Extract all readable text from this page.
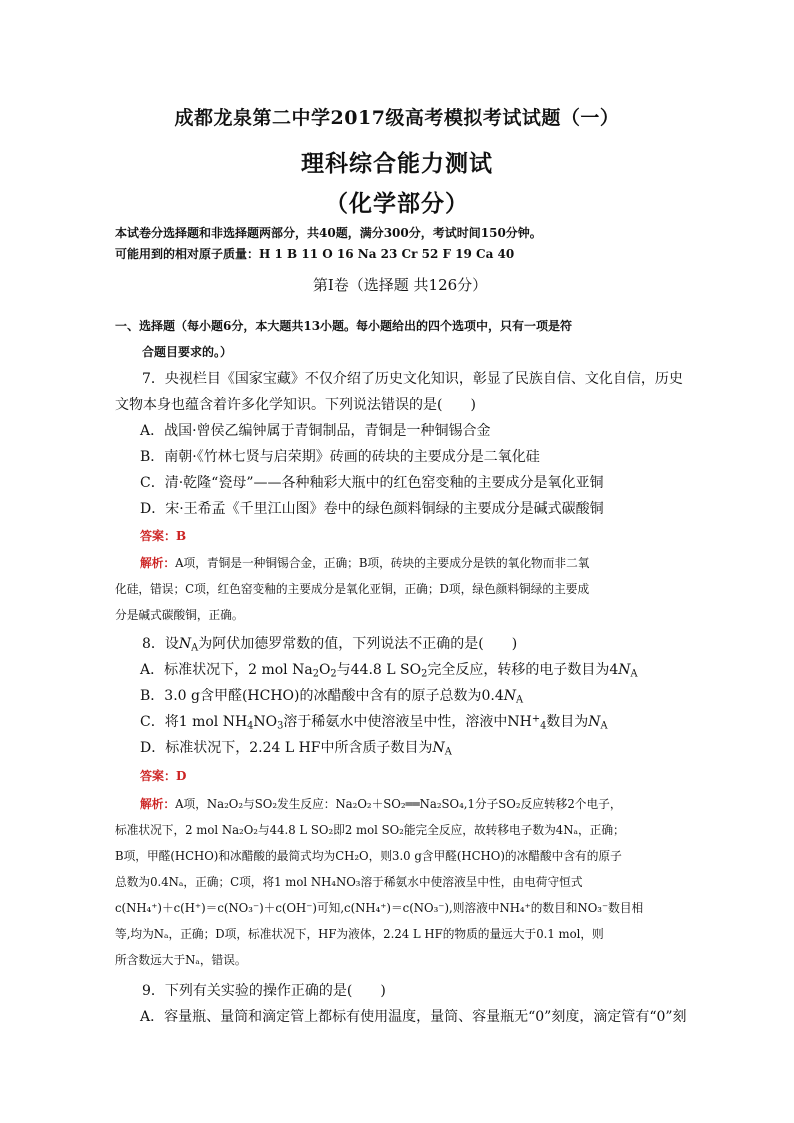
成都龙泉第二中学2017级高考模拟考试试题（一）
理科综合能力测试
（化学部分）
本试卷分选择题和非选择题两部分，共40题，满分300分，考试时间150分钟。
可能用到的相对原子质量：H 1 B 11 O 16 Na 23 Cr 52 F 19 Ca 40
第Ⅰ卷（选择题 共126分）
一、选择题（每小题6分，本大题共13小题。每小题给出的四个选项中，只有一项是符
合题目要求的。）
7．央视栏目《国家宝藏》不仅介绍了历史文化知识，彰显了民族自信、文化自信，历史
文物本身也蕴含着许多化学知识。下列说法错误的是(　　)
A．战国·曾侯乙编钟属于青铜制品，青铜是一种铜锡合金
B．南朝·《竹林七贤与启荣期》砖画的砖块的主要成分是二氧化硅
C．清·乾隆“瓷母”——各种釉彩大瓶中的红色窑变釉的主要成分是氧化亚铜
D．宋·王希孟《千里江山图》卷中的绿色颜料铜绿的主要成分是碱式碳酸铜
答案：B
解析：A项，青铜是一种铜锡合金，正确；B项，砖块的主要成分是铁的氧化物而非二氧
化硅，错误；C项，红色窑变釉的主要成分是氧化亚铜，正确；D项，绿色颜料铜绿的主要成
分是碱式碳酸铜，正确。
8．设$N_A$为阿伏加德罗常数的值，下列说法不正确的是(　　)
A．标准状况下，2 mol $Na_2O_2$与44.8 L $SO_2$完全反应，转移的电子数目为$4N_A$
B．3.0 g含甲醛(HCHO)的冰醋酸中含有的原子总数为$0.4N_A$
C．将1 mol $NH_4NO_3$溶于稀氨水中使溶液呈中性，溶液中$NH^+_4$数目为$N_A$
D．标准状况下，2.24 L HF中所含质子数目为$N_A$
答案：D
解析：A项，Na₂O₂与SO₂发生反应：Na₂O₂＋SO₂══Na₂SO₄,1分子SO₂反应转移2个电子，
标准状况下，2 mol Na₂O₂与44.8 L SO₂即2 mol SO₂能完全反应，故转移电子数为4Nₐ，正确；
B项，甲醛(HCHO)和冰醋酸的最简式均为CH₂O，则3.0 g含甲醛(HCHO)的冰醋酸中含有的原子
总数为0.4Nₐ，正确；C项，将1 mol NH₄NO₃溶于稀氨水中使溶液呈中性，由电荷守恒式
c(NH₄⁺)＋c(H⁺)＝c(NO₃⁻)＋c(OH⁻)可知,c(NH₄⁺)＝c(NO₃⁻),则溶液中NH₄⁺的数目和NO₃⁻数目相
等,均为Nₐ，正确；D项，标准状况下，HF为液体，2.24 L HF的物质的量远大于0.1 mol，则
所含数远大于Nₐ，错误。
9．下列有关实验的操作正确的是(　　)
A．容量瓶、量筒和滴定管上都标有使用温度，量筒、容量瓶无“0”刻度，滴定管有“0”刻
